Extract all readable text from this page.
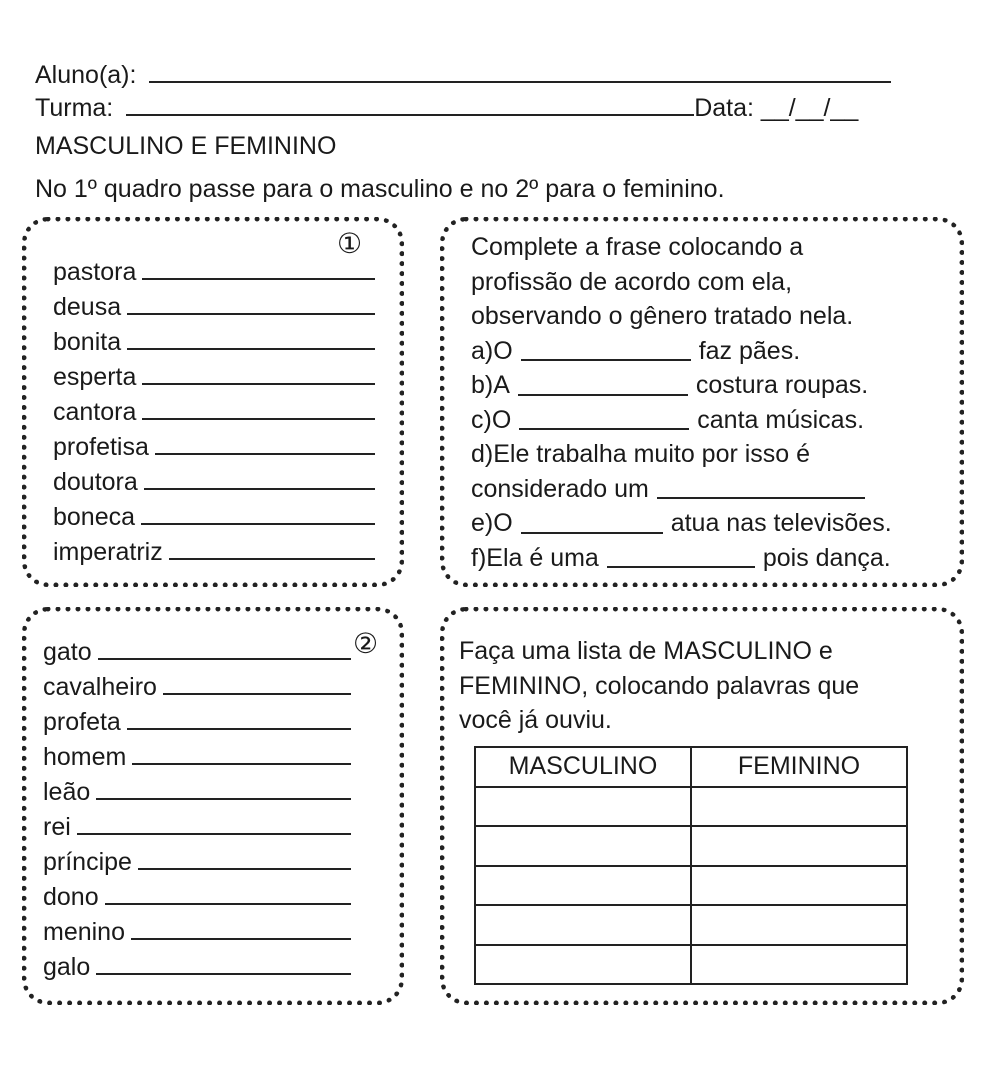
Aluno(a):
Turma:	Data: __/__/__
MASCULINO E FEMININO
No 1º quadro passe para o masculino e no 2º para o feminino.
①
pastora
deusa
bonita
esperta
cantora
profetisa
doutora
boneca
imperatriz
②
gato
cavalheiro
profeta
homem
leão
rei
príncipe
dono
menino
galo
Complete a frase colocando a
profissão de acordo com ela,
observando o gênero tratado nela.
a)O	faz pães.
b)A	costura roupas.
c)O	canta músicas.
d)Ele trabalha muito por isso é
considerado um
e)O	atua nas televisões.
f)Ela é uma	pois dança.
Faça uma lista de MASCULINO e
FEMININO, colocando palavras que
você já ouviu.
MASCULINO	FEMININO
